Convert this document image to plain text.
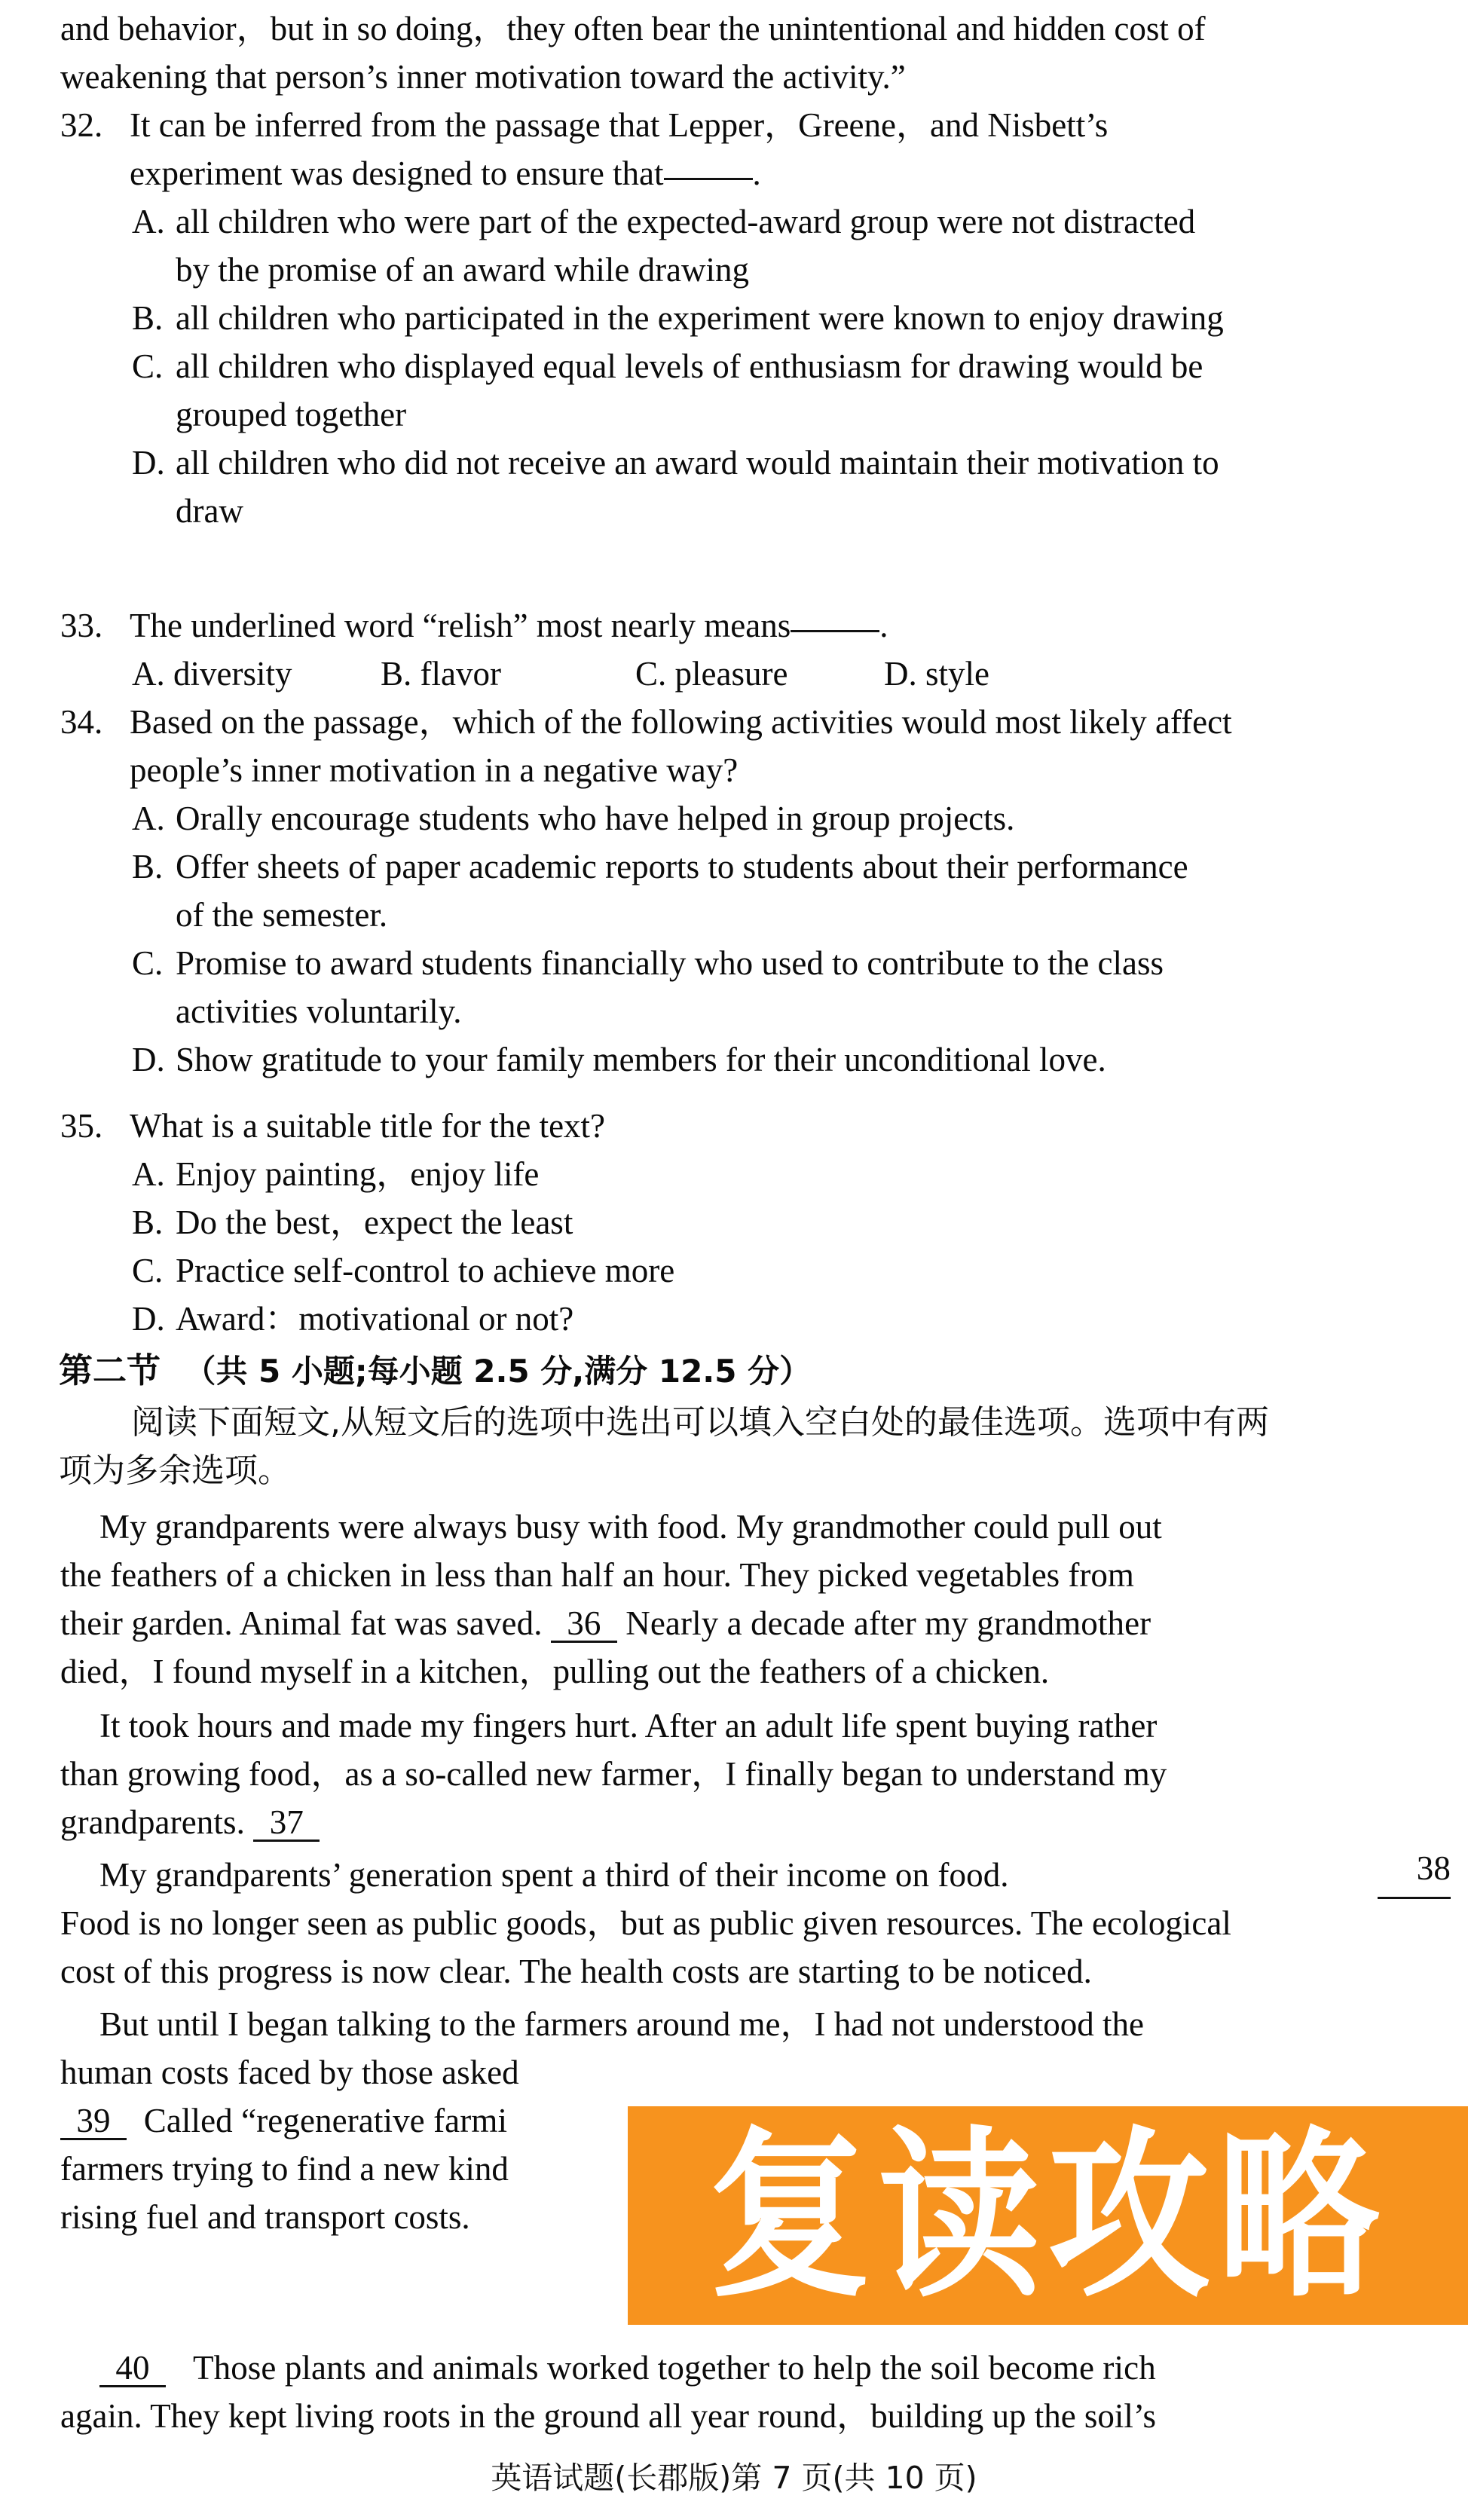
and behavior，but in so doing，they often bear the unintentional and hidden cost of
weakening that person’s inner motivation toward the activity.”
32. It can be inferred from the passage that Lepper，Greene，and Nisbett’s
experiment was designed to ensure that	.
A. all children who were part of the expected-award group were not distracted
by the promise of an award while drawing
B. all children who participated in the experiment were known to enjoy drawing
C. all children who displayed equal levels of enthusiasm for drawing would be
grouped together
D. all children who did not receive an award would maintain their motivation to
draw
33. The underlined word “relish” most nearly means	.
A. diversity	B. flavor	C. pleasure	D. style
34. Based on the passage，which of the following activities would most likely affect
people’s inner motivation in a negative way?
A. Orally encourage students who have helped in group projects.
B. Offer sheets of paper academic reports to students about their performance
of the semester.
C. Promise to award students financially who used to contribute to the class
activities voluntarily.
D. Show gratitude to your family members for their unconditional love.
35. What is a suitable title for the text?
A. Enjoy painting，enjoy life
B. Do the best，expect the least
C. Practice self-control to achieve more
D. Award：motivational or not?
第二节 （共 5 小题;每小题 2.5 分,满分 12.5 分）
阅读下面短文,从短文后的选项中选出可以填入空白处的最佳选项。选项中有两
项为多余选项。
My grandparents were always busy with food. My grandmother could pull out
the feathers of a chicken in less than half an hour. They picked vegetables from
their garden. Animal fat was saved. 36 Nearly a decade after my grandmother
died，I found myself in a kitchen，pulling out the feathers of a chicken.
It took hours and made my fingers hurt. After an adult life spent buying rather
than growing food，as a so-called new farmer，I finally began to understand my
grandparents. 37
My grandparents’ generation spent a third of their income on food.	38
Food is no longer seen as public goods，but as public given resources. The ecological
cost of this progress is now clear. The health costs are starting to be noticed.
But until I began talking to the farmers around me，I had not understood the
human costs faced by those asked
39 Called “regenerative farmi
farmers trying to find a new kind
rising fuel and transport costs.
40	Those plants and animals worked together to help the soil become rich
again. They kept living roots in the ground all year round，building up the soil’s
复读攻略
英语试题(长郡版)第 7 页(共 10 页)
